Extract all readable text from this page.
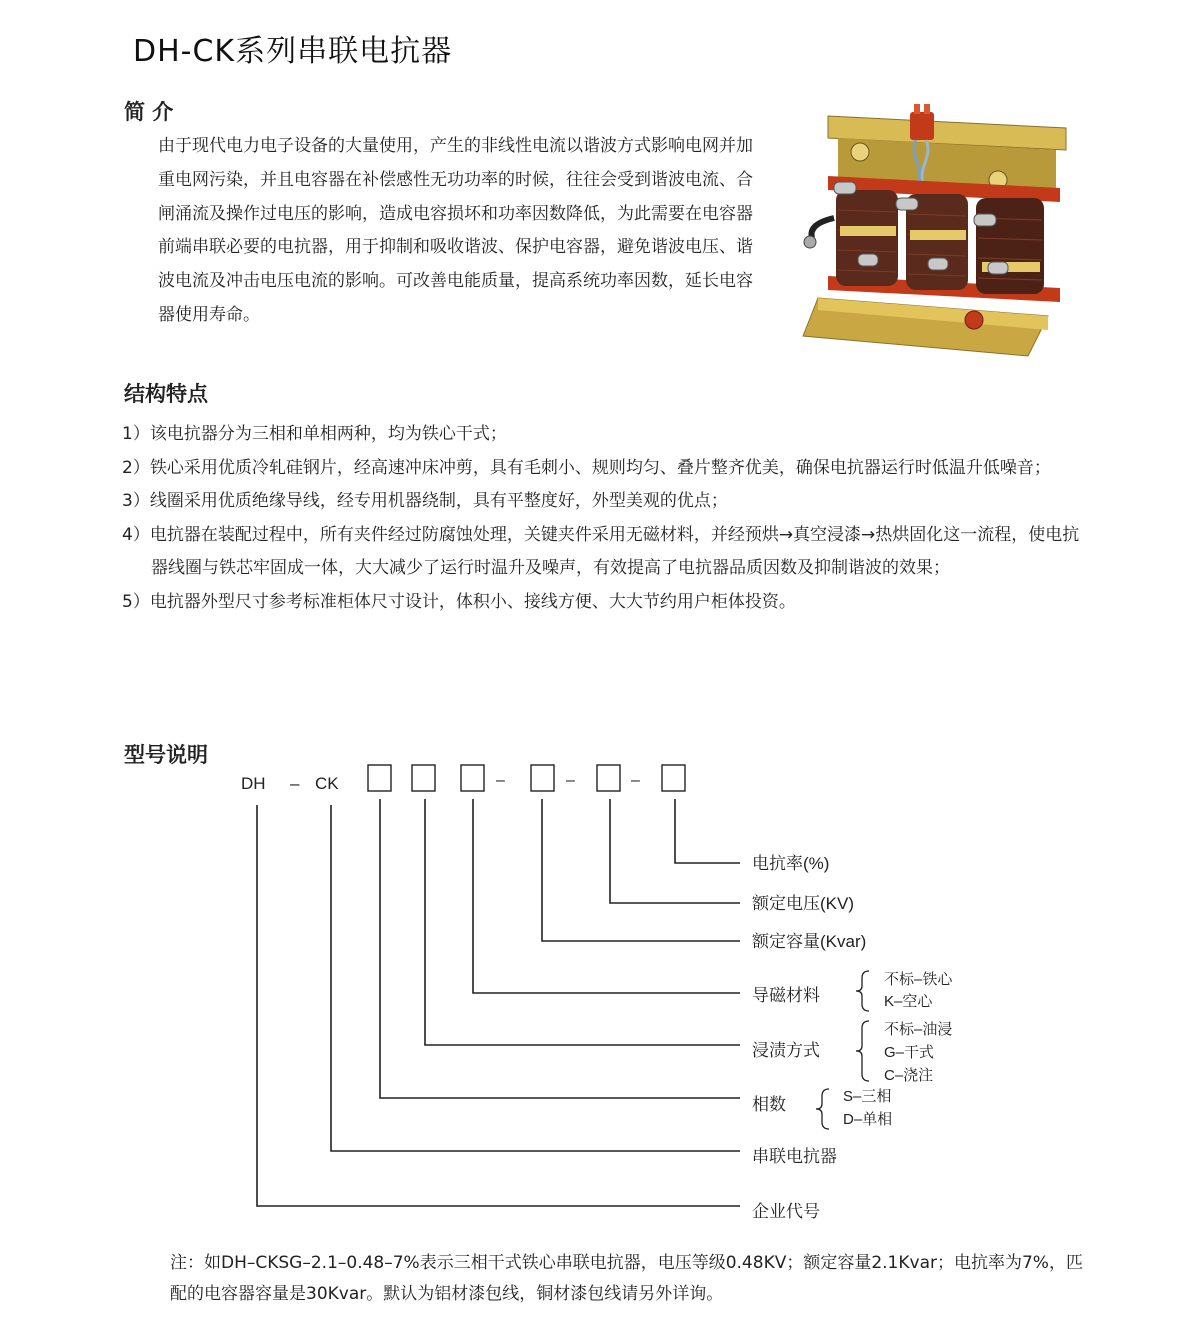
DH-CK系列串联电抗器
简 介
由于现代电力电子设备的大量使用，产生的非线性电流以谐波方式影响电网并加重电网污染，并且电容器在补偿感性无功功率的时候，往往会受到谐波电流、合闸涌流及操作过电压的影响，造成电容损坏和功率因数降低，为此需要在电容器前端串联必要的电抗器，用于抑制和吸收谐波、保护电容器，避免谐波电压、谐波电流及冲击电压电流的影响。可改善电能质量，提高系统功率因数，延长电容器使用寿命。
结构特点
1）该电抗器分为三相和单相两种，均为铁心干式；
2）铁心采用优质冷轧硅钢片，经高速冲床冲剪，具有毛刺小、规则均匀、叠片整齐优美，确保电抗器运行时低温升低噪音；
3）线圈采用优质绝缘导线，经专用机器绕制，具有平整度好，外型美观的优点；
4）电抗器在装配过程中，所有夹件经过防腐蚀处理，关键夹件采用无磁材料，并经预烘→真空浸漆→热烘固化这一流程，使电抗器线圈与铁芯牢固成一体，大大减少了运行时温升及噪声，有效提高了电抗器品质因数及抑制谐波的效果；
5）电抗器外型尺寸参考标准柜体尺寸设计，体积小、接线方便、大大节约用户柜体投资。
型号说明
DH – CK	–	–	–
电抗率(%)
额定电压(KV)
额定容量(Kvar)
导磁材料
浸渍方式
相数
串联电抗器
企业代号
不标–铁心
K–空心
不标–油浸
G–干式
C–浇注
S–三相
D–单相
注：如DH–CKSG–2.1–0.48–7%表示三相干式铁心串联电抗器，电压等级0.48KV；额定容量2.1Kvar；电抗率为7%，匹配的电容器容量是30Kvar。默认为铝材漆包线，铜材漆包线请另外详询。
